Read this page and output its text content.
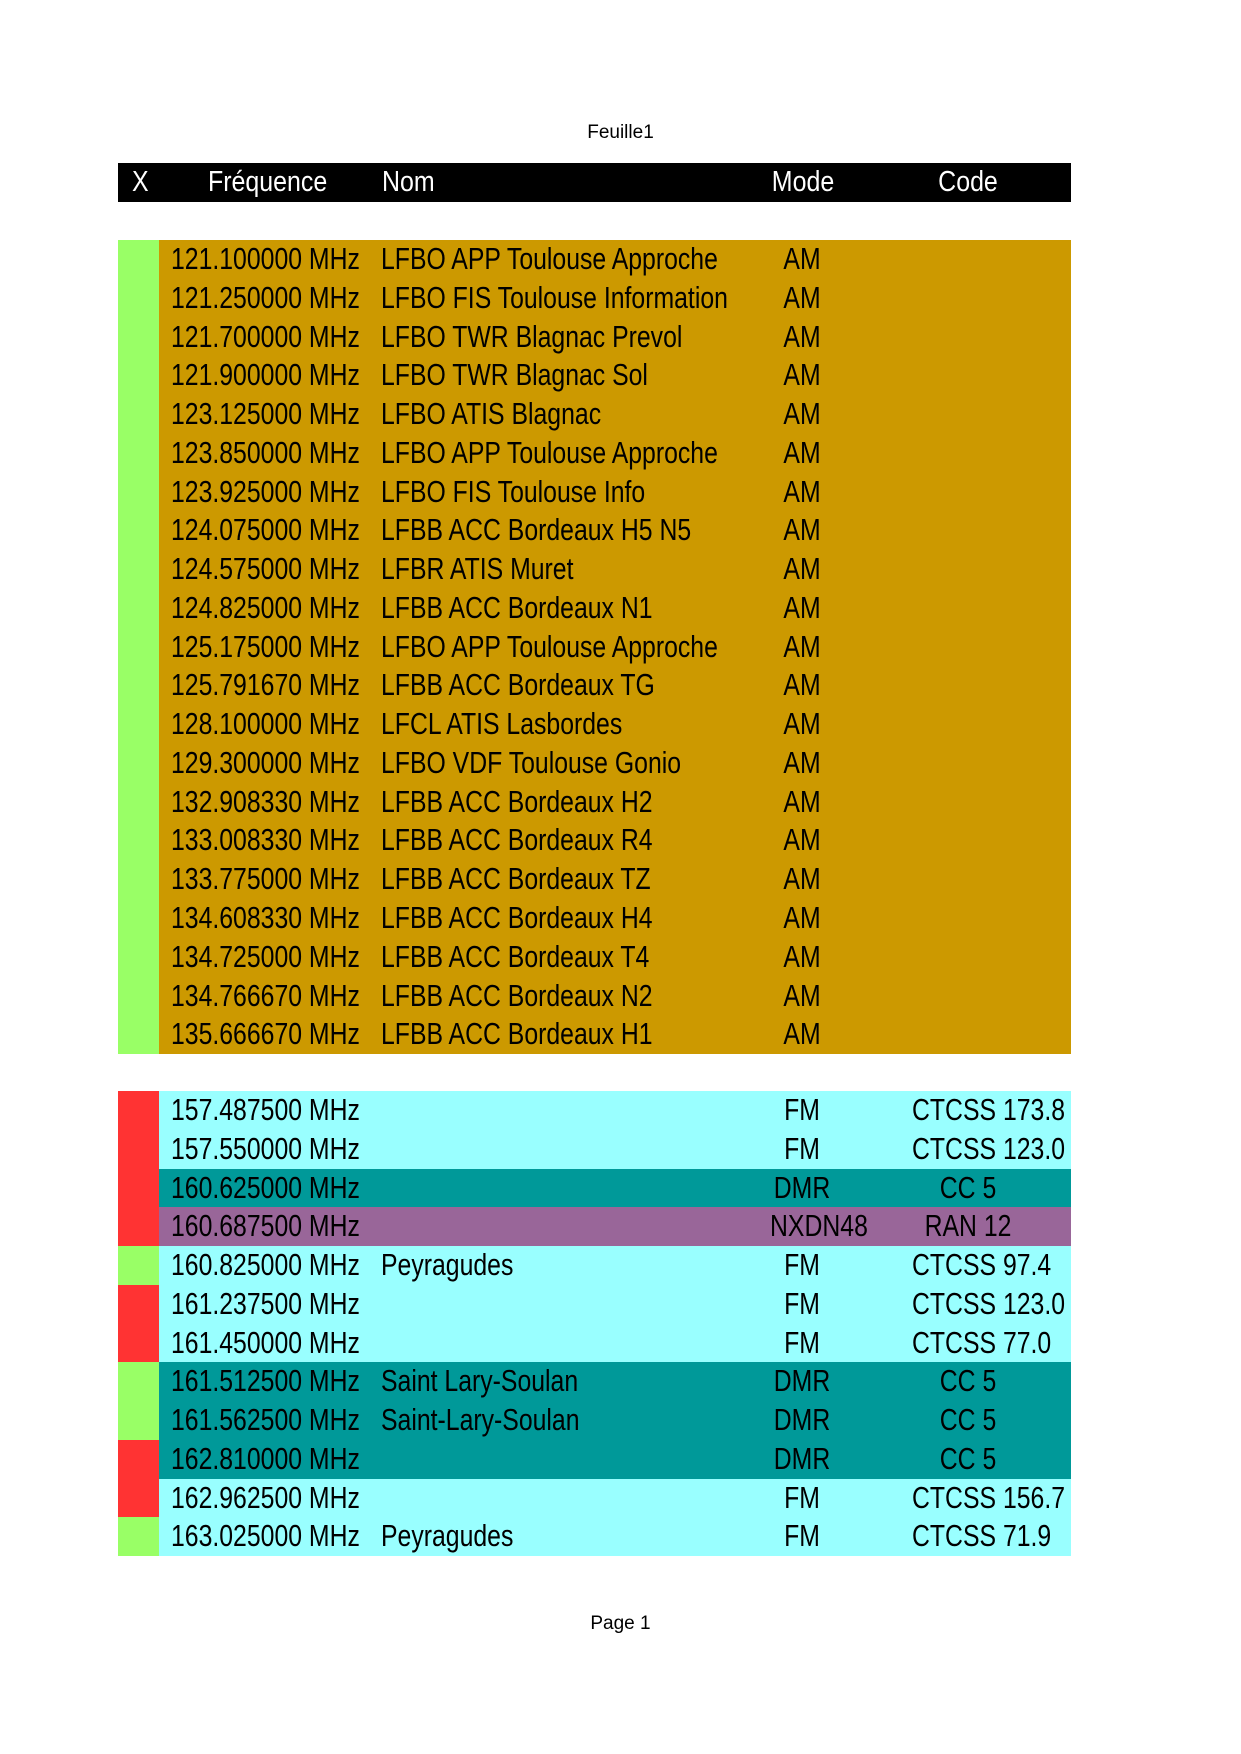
Feuille1
X Fréquence Nom	Mode	Code
121.100000 MHz LFBO APP Toulouse Approche	AM
121.250000 MHz LFBO FIS Toulouse Information	AM
121.700000 MHz LFBO TWR Blagnac Prevol	AM
121.900000 MHz LFBO TWR Blagnac Sol	AM
123.125000 MHz LFBO ATIS Blagnac	AM
123.850000 MHz LFBO APP Toulouse Approche	AM
123.925000 MHz LFBO FIS Toulouse Info	AM
124.075000 MHz LFBB ACC Bordeaux H5 N5	AM
124.575000 MHz LFBR ATIS Muret	AM
124.825000 MHz LFBB ACC Bordeaux N1	AM
125.175000 MHz LFBO APP Toulouse Approche	AM
125.791670 MHz LFBB ACC Bordeaux TG	AM
128.100000 MHz LFCL ATIS Lasbordes	AM
129.300000 MHz LFBO VDF Toulouse Gonio	AM
132.908330 MHz LFBB ACC Bordeaux H2	AM
133.008330 MHz LFBB ACC Bordeaux R4	AM
133.775000 MHz LFBB ACC Bordeaux TZ	AM
134.608330 MHz LFBB ACC Bordeaux H4	AM
134.725000 MHz LFBB ACC Bordeaux T4	AM
134.766670 MHz LFBB ACC Bordeaux N2	AM
135.666670 MHz LFBB ACC Bordeaux H1	AM
157.487500 MHz	FM	CTCSS 173.8
157.550000 MHz	FM	CTCSS 123.0
160.625000 MHz	DMR	CC 5
160.687500 MHz	NXDN48	RAN 12
160.825000 MHz Peyragudes	FM	CTCSS 97.4
161.237500 MHz	FM	CTCSS 123.0
161.450000 MHz	FM	CTCSS 77.0
161.512500 MHz Saint Lary-Soulan	DMR	CC 5
161.562500 MHz Saint-Lary-Soulan	DMR	CC 5
162.810000 MHz	DMR	CC 5
162.962500 MHz	FM	CTCSS 156.7
163.025000 MHz Peyragudes	FM	CTCSS 71.9
Page 1
